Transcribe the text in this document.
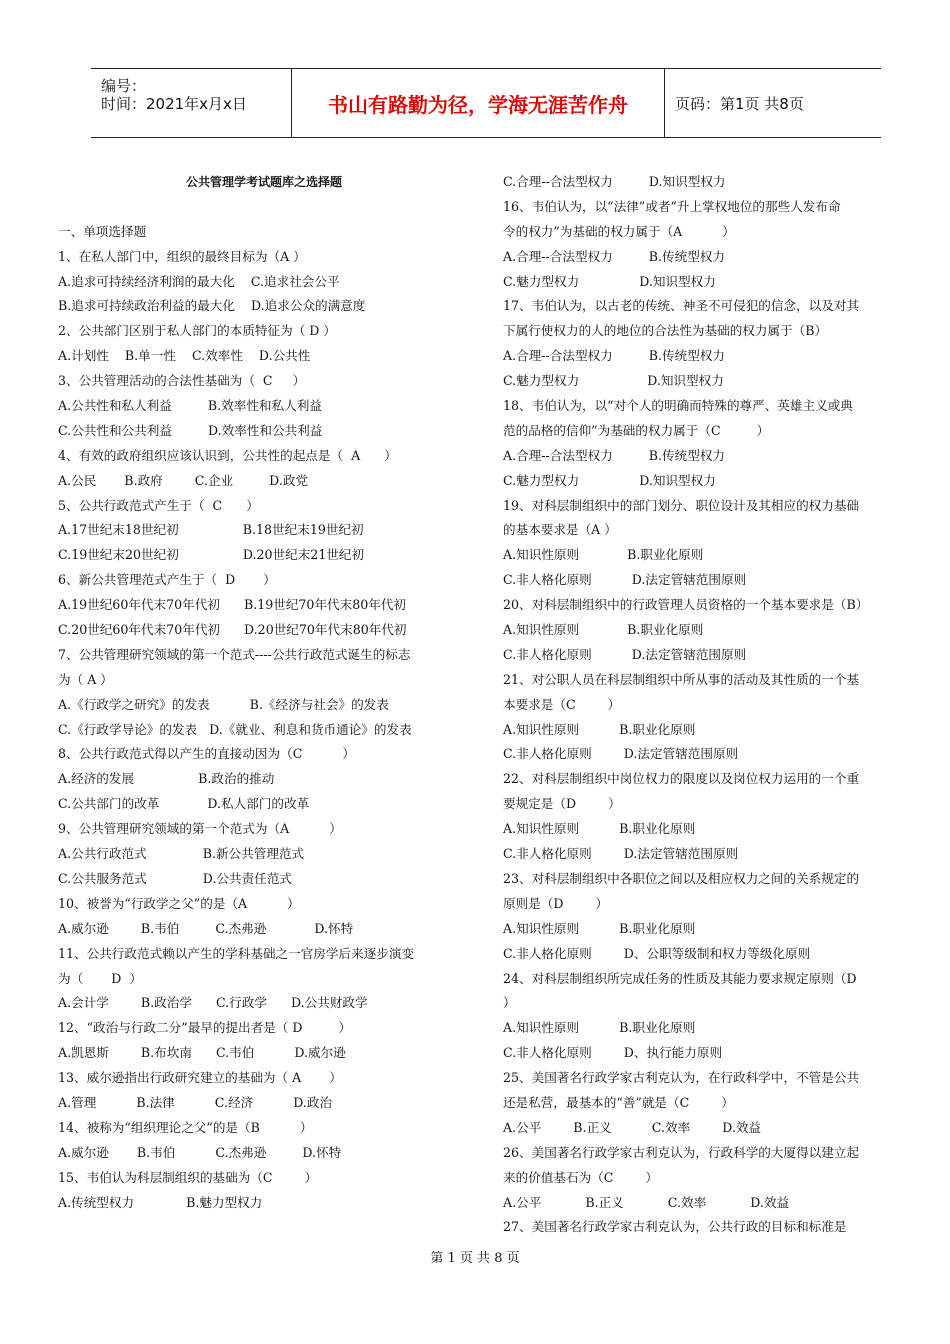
编号：
时间：2021年x月x日	书山有路勤为径，学海无涯苦作舟	页码：第1页 共8页
公共管理学考试题库之选择题
一、单项选择题
1、在私人部门中，组织的最终目标为（A ）
A.追求可持续经济利润的最大化    C.追求社会公平
B.追求可持续政治利益的最大化    D.追求公众的满意度
2、公共部门区别于私人部门的本质特征为（ D ）
A.计划性    B.单一性    C.效率性    D.公共性
3、公共管理活动的合法性基础为（  C     ）
A.公共性和私人利益         B.效率性和私人利益
C.公共性和公共利益         D.效率性和公共利益
4、有效的政府组织应该认识到，公共性的起点是（  A      ）
A.公民       B.政府        C.企业         D.政党
5、公共行政范式产生于（  C      ）
A.17世纪末18世纪初                B.18世纪末19世纪初
C.19世纪末20世纪初                D.20世纪末21世纪初
6、新公共管理范式产生于（  D       ）
A.19世纪60年代末70年代初      B.19世纪70年代末80年代初
C.20世纪60年代末70年代初      D.20世纪70年代末80年代初
7、公共管理研究领域的第一个范式----公共行政范式诞生的标志
为（ A ）
A.《行政学之研究》的发表          B.《经济与社会》的发表
C.《行政学导论》的发表   D.《就业、利息和货币通论》的发表
8、公共行政范式得以产生的直接动因为（C          ）
A.经济的发展                B.政治的推动
C.公共部门的改革            D.私人部门的改革
9、公共管理研究领域的第一个范式为（A          ）
A.公共行政范式              B.新公共管理范式
C.公共服务范式              D.公共责任范式
10、被誉为“行政学之父”的是（A          ）
A.威尔逊        B.韦伯         C.杰弗逊            D.怀特
11、公共行政范式赖以产生的学科基础之一官房学后来逐步演变
为（       D  ）
A.会计学        B.政治学      C.行政学      D.公共财政学
12、“政治与行政二分”最早的提出者是（ D         ）
A.凯恩斯        B.布坎南      C.韦伯          D.威尔逊
13、威尔逊指出行政研究建立的基础为（ A       ）
A.管理          B.法律          C.经济          D.政治
14、被称为“组织理论之父”的是（B          ）
A.威尔逊       B.韦伯          C.杰弗逊         D.怀特
15、韦伯认为科层制组织的基础为（C        ）
A.传统型权力             B.魅力型权力
C.合理--合法型权力         D.知识型权力
16、韦伯认为，以“法律”或者“升上掌权地位的那些人发布命
令的权力”为基础的权力属于（A          ）
A.合理--合法型权力         B.传统型权力
C.魅力型权力               D.知识型权力
17、韦伯认为，以古老的传统、神圣不可侵犯的信念，以及对其
下属行使权力的人的地位的合法性为基础的权力属于（B）
A.合理--合法型权力         B.传统型权力
C.魅力型权力                 D.知识型权力
18、韦伯认为，以“对个人的明确而特殊的尊严、英雄主义或典
范的品格的信仰”为基础的权力属于（C         ）
A.合理--合法型权力         B.传统型权力
C.魅力型权力               D.知识型权力
19、对科层制组织中的部门划分、职位设计及其相应的权力基础
的基本要求是（A ）
A.知识性原则            B.职业化原则
C.非人格化原则          D.法定管辖范围原则
20、对科层制组织中的行政管理人员资格的一个基本要求是（B）
A.知识性原则            B.职业化原则
C.非人格化原则          D.法定管辖范围原则
21、对公职人员在科层制组织中所从事的活动及其性质的一个基
本要求是（C        ）
A.知识性原则          B.职业化原则
C.非人格化原则        D.法定管辖范围原则
22、对科层制组织中岗位权力的限度以及岗位权力运用的一个重
要规定是（D        ）
A.知识性原则          B.职业化原则
C.非人格化原则        D.法定管辖范围原则
23、对科层制组织中各职位之间以及相应权力之间的关系规定的
原则是（D        ）
A.知识性原则          B.职业化原则
C.非人格化原则        D、公职等级制和权力等级化原则
24、对科层制组织所完成任务的性质及其能力要求规定原则（D
）
A.知识性原则          B.职业化原则
C.非人格化原则        D、执行能力原则
25、美国著名行政学家古利克认为，在行政科学中，不管是公共
还是私营，最基本的“善”就是（C        ）
A.公平        B.正义          C.效率        D.效益
26、美国著名行政学家古利克认为，行政科学的大厦得以建立起
来的价值基石为（C        ）
A.公平           B.正义           C.效率           D.效益
27、美国著名行政学家古利克认为，公共行政的目标和标准是
第 1 页 共 8 页
